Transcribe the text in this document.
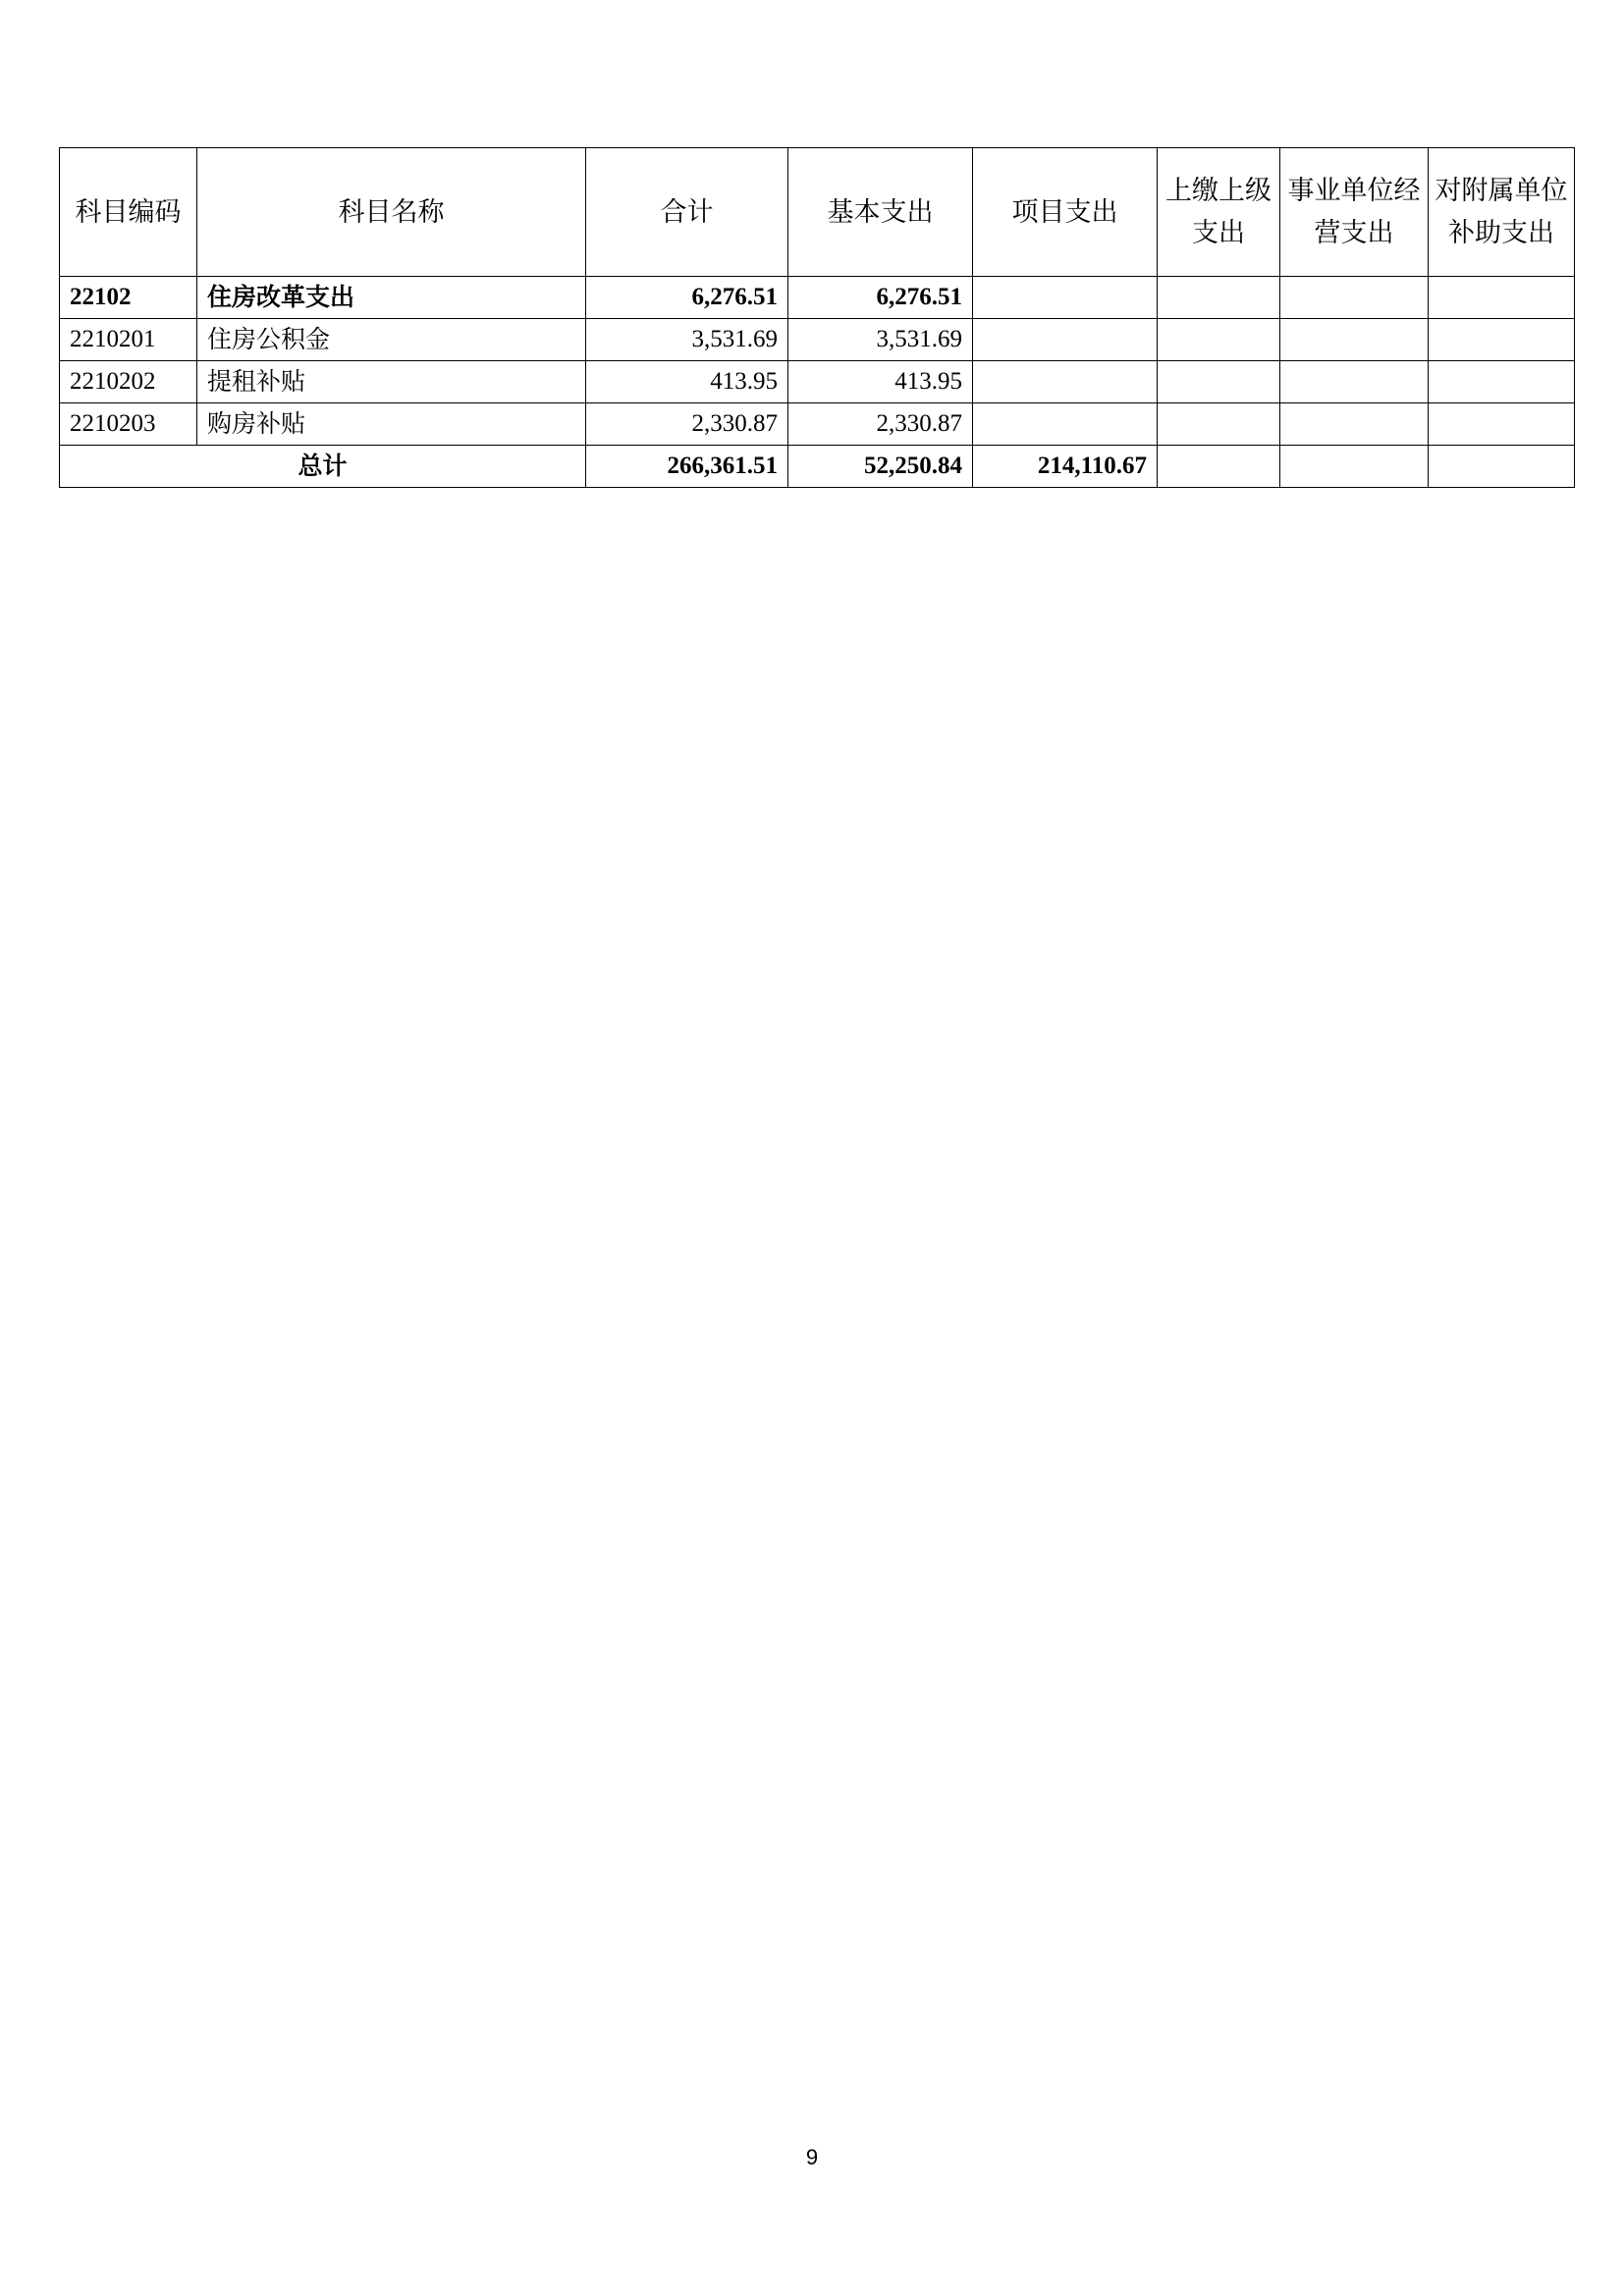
科目编码	科目名称	合计	基本支出	项目支出	上缴上级支出	事业单位经营支出	对附属单位补助支出
22102	住房改革支出	6,276.51	6,276.51				
2210201	住房公积金	3,531.69	3,531.69				
2210202	提租补贴	413.95	413.95				
2210203	购房补贴	2,330.87	2,330.87				
总计		266,361.51	52,250.84	214,110.67			
9
